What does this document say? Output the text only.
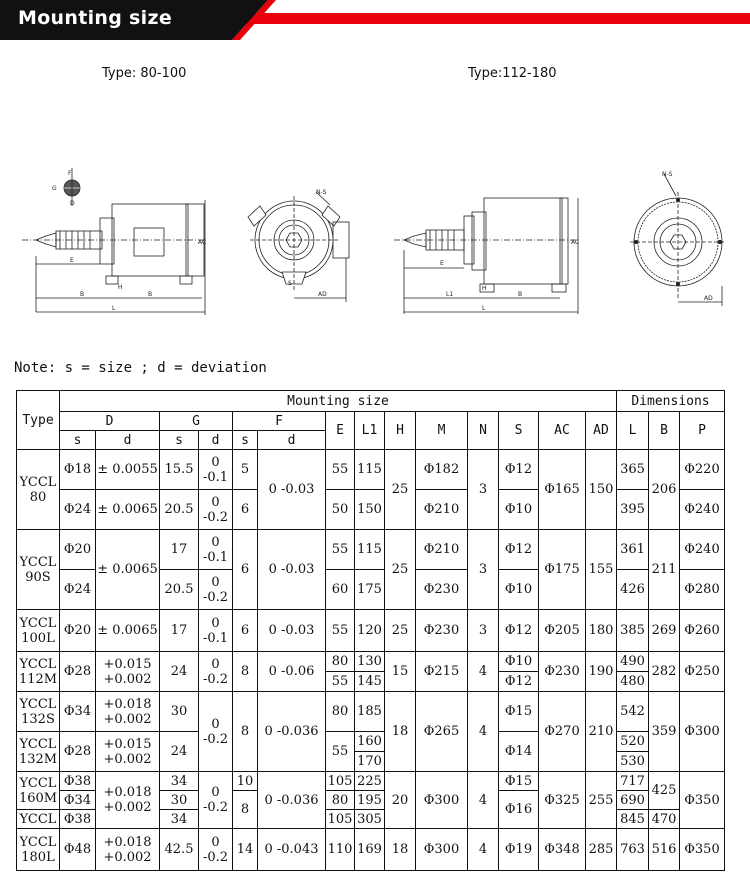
Mounting size
Type: 80-100	Type:112-180
F
G
D
E
B	B
H
L
AC
N-S
AD
S
E
L1	B
H
L
AC
N-S
AD
Note: s = size ; d = deviation
Type	Mounting size														Dimensions		
	D		G		F		E	L1	H	M	N	S	AC	AD	L	B	P
	s	d	s	d	s	d											
YCCL 80	Φ18	± 0.0055	15.5	0 -0.1	5	0 -0.03	55	115	25	Φ182	3	Φ12	Φ165	150	365	206	Φ220
	Φ24	± 0.0065	20.5	0 -0.2	6		50	150		Φ210		Φ10			395		Φ240
YCCL 90S	Φ20	± 0.0065	17	0 -0.1	6	0 -0.03	55	115	25	Φ210	3	Φ12	Φ175	155	361	211	Φ240
	Φ24		20.5	0 -0.2			60	175		Φ230		Φ10			426		Φ280
YCCL 100L	Φ20	± 0.0065	17	0 -0.1	6	0 -0.03	55	120	25	Φ230	3	Φ12	Φ205	180	385	269	Φ260
YCCL 112M	Φ28	+0.015 +0.002	24	0 -0.2	8	0 -0.06	80	130	15	Φ215	4	Φ10	Φ230	190	490	282	Φ250
							55	145				Φ12			480		
YCCL 132S	Φ34	+0.018 +0.002	30	0 -0.2	8	0 -0.036	80	185	18	Φ265	4	Φ15	Φ270	210	542	359	Φ300

YCCL 132M	Φ28	+0.015 +0.002	24				55	160				Φ14			520		
								170							530		
YCCL 160M	Φ38	+0.018 +0.002	34	0 -0.2	10	0 -0.036	105	225	20	Φ300	4	Φ15	Φ325	255	717	425	Φ350
	Φ34		30		8		80	195				Φ16			690		
YCCL	Φ38		34				105	305							845	470	
YCCL 180L	Φ48	+0.018 +0.002	42.5	0 -0.2	14	0 -0.043	110	169	18	Φ300	4	Φ19	Φ348	285	763	516	Φ350
